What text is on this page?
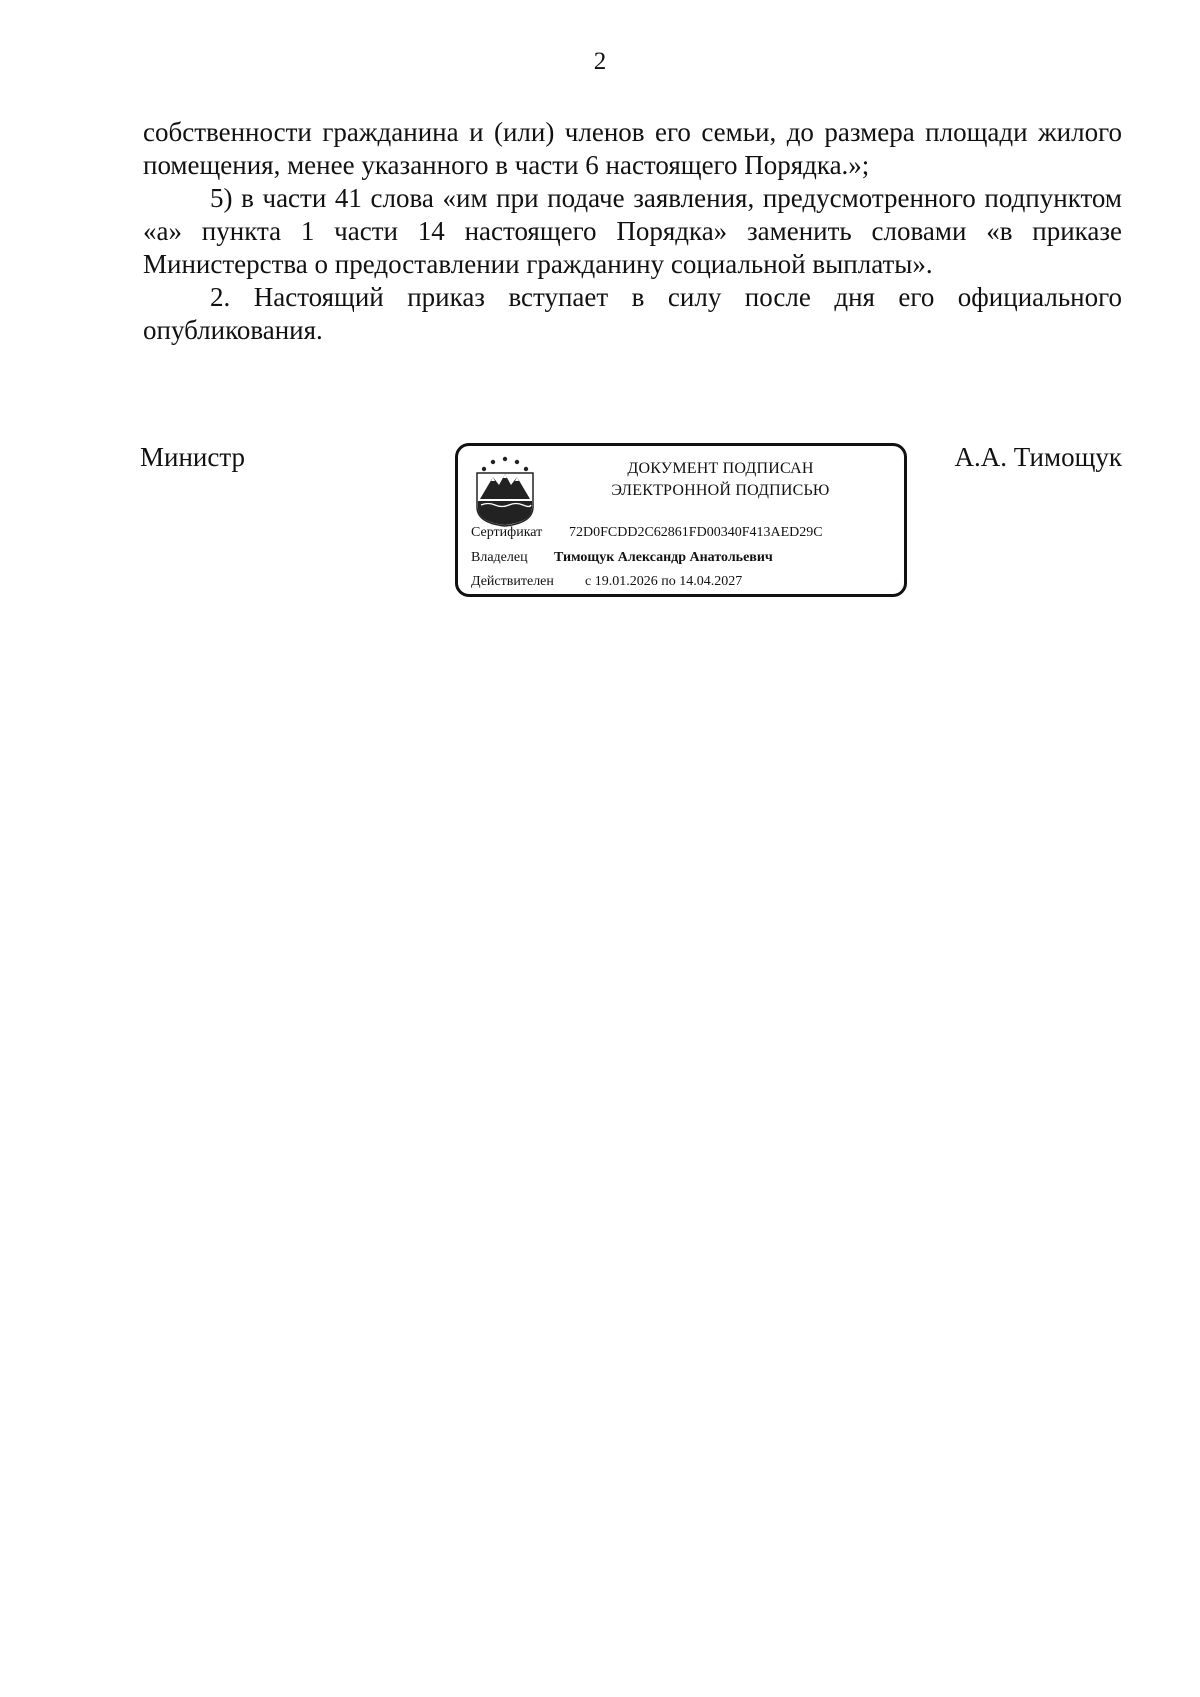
2

собственности гражданина и (или) членов его семьи, до размера площади жилого помещения, менее указанного в части 6 настоящего Порядка.»;

5) в части 41 слова «им при подаче заявления, предусмотренного подпунктом «а» пункта 1 части 14 настоящего Порядка» заменить словами «в приказе Министерства о предоставлении гражданину социальной выплаты».

2. Настоящий приказ вступает в силу после дня его официального опубликования.

Министр	ДОКУМЕНТ ПОДПИСАН
ЭЛЕКТРОННОЙ ПОДПИСЬЮ
Сертификат 72D0FCDD2C62861FD00340F413AED29C
Владелец Тимощук Александр Анатольевич
Действителен с 19.01.2026 по 14.04.2027
А.А. Тимощук
